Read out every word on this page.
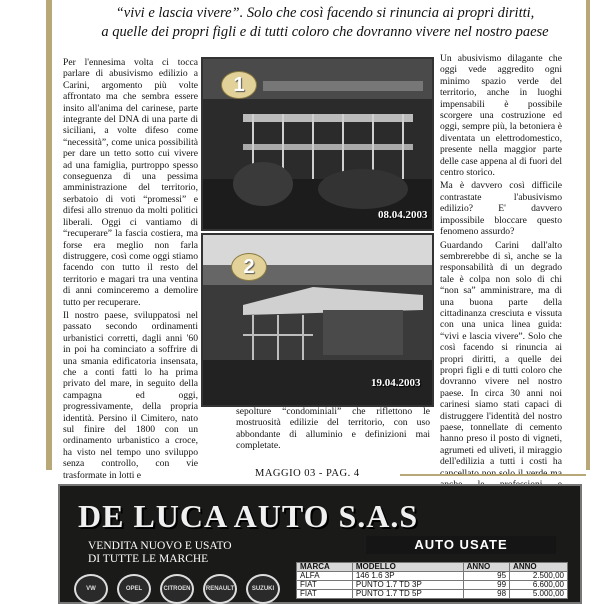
“vivi e lascia vivere”. Solo che così facendo si rinuncia ai propri diritti,
a quelle dei propri figli e di tutti coloro che dovranno vivere nel nostro paese

Per l'ennesima volta ci tocca parlare di abusivismo edilizio a Carini, argomento più volte affrontato ma che sembra essere insito all'anima del carinese, parte integrante del DNA di una parte di siciliani, a volte difeso come “necessità”, come unica possibilità per dare un tetto sotto cui vivere ad una famiglia, purtroppo spesso conseguenza di una pessima amministrazione del territorio, serbatoio di voti “promessi” e difesi allo strenuo da molti politici liberali. Oggi ci vantiamo di “recuperare” la fascia costiera, ma forse era meglio non farla distruggere, così come oggi stiamo facendo con tutto il resto del territorio e magari tra una ventina di anni cominceremo a demolire tutto per recuperare.

Il nostro paese, sviluppatosi nel passato secondo ordinamenti urbanistici corretti, dagli anni '60 in poi ha cominciato a soffrire di una smania edificatoria insensata, che a conti fatti lo ha prima privato del mare, in seguito della campagna ed oggi, progressivamente, della propria identità. Persino il Cimitero, nato sul finire del 1800 con un ordinamento urbanistico a croce, ha visto nel tempo uno sviluppo senza controllo, con vie trasformate in lotti e

1
08.04.2003
2
19.04.2003

sepolture “condominiali” che riflettono le mostruosità edilizie del territorio, con uso abbondante di alluminio e definizioni mai completate.

Un abusivismo dilagante che oggi vede aggredito ogni minimo spazio verde del territorio, anche in luoghi impensabili è possibile scorgere una costruzione ed oggi, sempre più, la betoniera è diventata un elettrodomestico, presente nella maggior parte delle case appena al di fuori del centro storico.

Ma è davvero così difficile contrastate l'abusivismo edilizio? E' davvero impossibile bloccare questo fenomeno assurdo?

Guardando Carini dall'alto sembrerebbe di sì, anche se la responsabilità di un degrado tale è colpa non solo di chi “non sa” amministrare, ma di una buona parte della cittadinanza cresciuta e vissuta con una unica linea guida: “vivi e lascia vivere”. Solo che così facendo si rinuncia ai propri diritti, a quelle dei propri figli e di tutti coloro che dovranno vivere nel nostro paese. In circa 30 anni noi carinesi siamo stati capaci di distruggere l'identità del nostro paese, tonnellate di cemento hanno preso il posto di vigneti, agrumeti ed uliveti, il miraggio dell'edilizia a tutti i costi ha

MAGGIO 03 - PAG. 4
DE LUCA AUTO S.A.S
VENDITA NUOVO E USATO
DI TUTTE LE MARCHE
AUTO USATE
VW	OPEL	CITROEN	RENAULT	SUZUKI
MARCA	MODELLO	ANNO	ANNO
ALFA	146 1.6 3P	95	2.500,00
FIAT	PUNTO 1.7 TD 3P	99	6.600,00
FIAT	PUNTO 1.7 TD 5P	98	5.000,00
